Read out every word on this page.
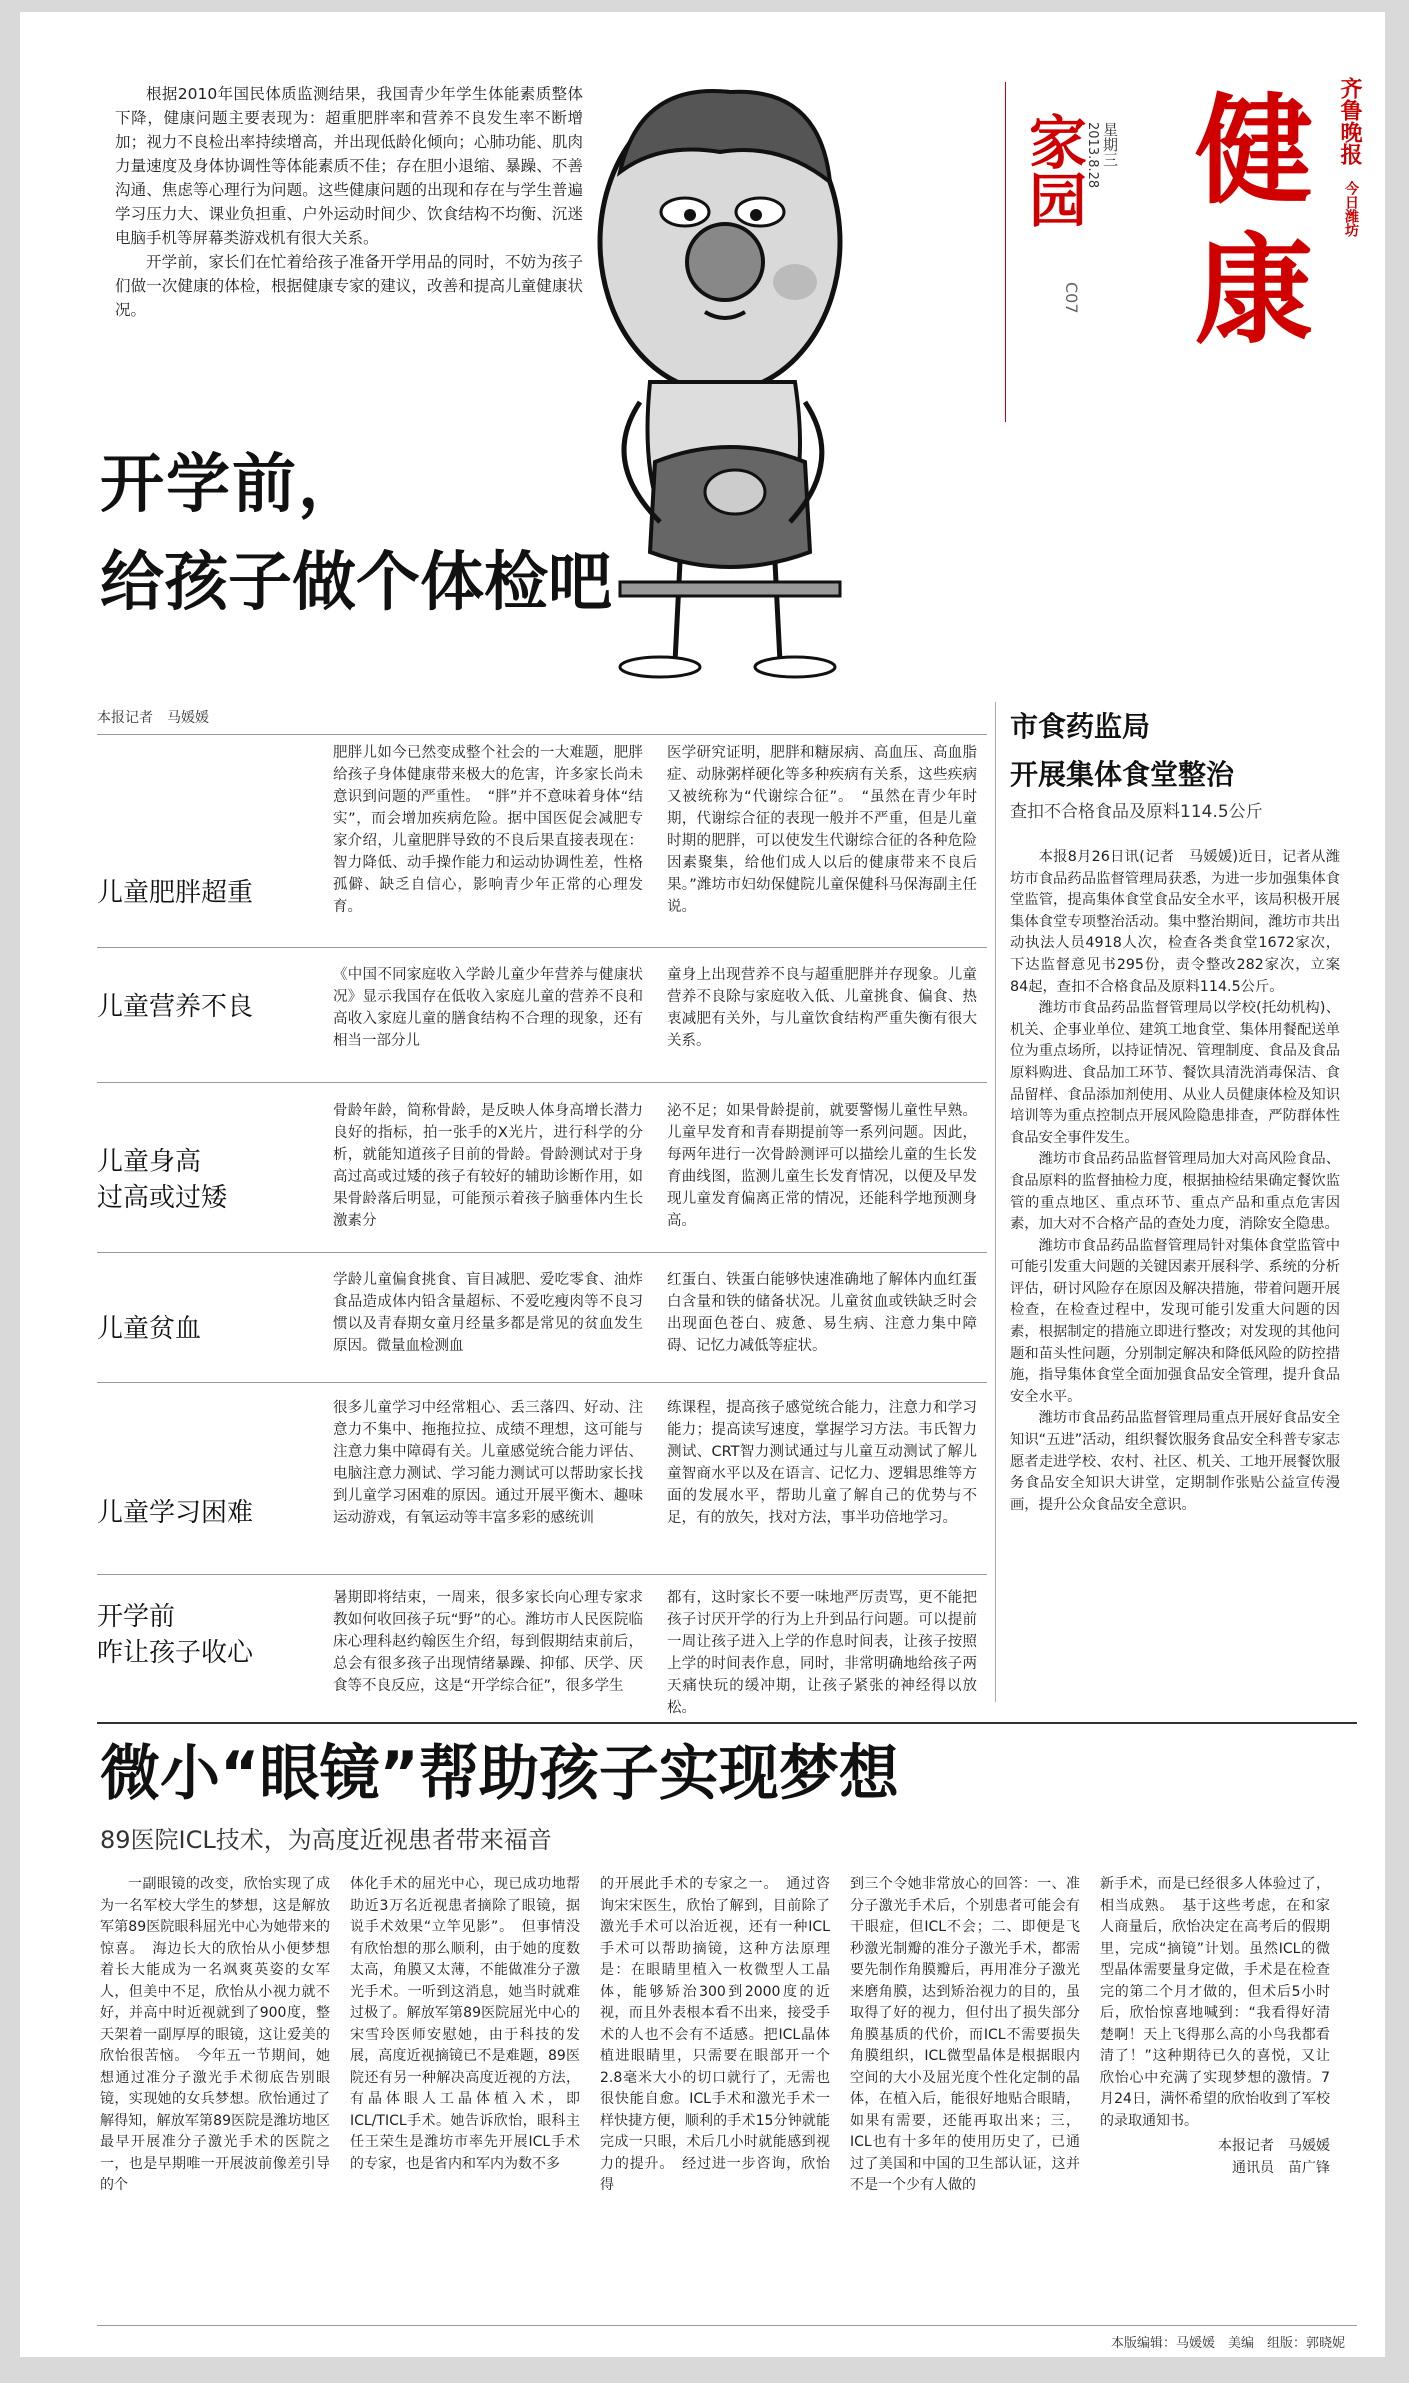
根据2010年国民体质监测结果，我国青少年学生体能素质整体下降，健康问题主要表现为：超重肥胖率和营养不良发生率不断增加；视力不良检出率持续增高，并出现低龄化倾向；心肺功能、肌肉力量速度及身体协调性等体能素质不佳；存在胆小退缩、暴躁、不善沟通、焦虑等心理行为问题。这些健康问题的出现和存在与学生普遍学习压力大、课业负担重、户外运动时间少、饮食结构不均衡、沉迷电脑手机等屏幕类游戏机有很大关系。

开学前，家长们在忙着给孩子准备开学用品的同时，不妨为孩子们做一次健康的体检，根据健康专家的建议，改善和提高儿童健康状况。

齐鲁晚报
今日潍坊
健
康
家园 星期三
2013.8.28
C07
开学前，
给孩子做个体检吧
本报记者　马媛媛
儿童肥胖超重
肥胖儿如今已然变成整个社会的一大难题，肥胖给孩子身体健康带来极大的危害，许多家长尚未意识到问题的严重性。　“胖”并不意味着身体“结实”，而会增加疾病危险。据中国医促会减肥专家介绍，儿童肥胖导致的不良后果直接表现在：智力降低、动手操作能力和运动协调性差，性格孤僻、缺乏自信心，影响青少年正常的心理发育。
医学研究证明，肥胖和糖尿病、高血压、高血脂症、动脉粥样硬化等多种疾病有关系，这些疾病又被统称为“代谢综合征”。　“虽然在青少年时期，代谢综合征的表现一般并不严重，但是儿童时期的肥胖，可以使发生代谢综合征的各种危险因素聚集，给他们成人以后的健康带来不良后果。”潍坊市妇幼保健院儿童保健科马保海副主任说。
儿童营养不良
《中国不同家庭收入学龄儿童少年营养与健康状况》显示我国存在低收入家庭儿童的营养不良和高收入家庭儿童的膳食结构不合理的现象，还有相当一部分儿
童身上出现营养不良与超重肥胖并存现象。儿童营养不良除与家庭收入低、儿童挑食、偏食、热衷减肥有关外，与儿童饮食结构严重失衡有很大关系。
儿童身高
过高或过矮
骨龄年龄，简称骨龄，是反映人体身高增长潜力良好的指标，拍一张手的X光片，进行科学的分析，就能知道孩子目前的骨龄。骨龄测试对于身高过高或过矮的孩子有较好的辅助诊断作用，如果骨龄落后明显，可能预示着孩子脑垂体内生长激素分
泌不足；如果骨龄提前，就要警惕儿童性早熟。儿童早发育和青春期提前等一系列问题。因此，每两年进行一次骨龄测评可以描绘儿童的生长发育曲线图，监测儿童生长发育情况，以便及早发现儿童发育偏离正常的情况，还能科学地预测身高。
儿童贫血
学龄儿童偏食挑食、盲目减肥、爱吃零食、油炸食品造成体内铅含量超标、不爱吃瘦肉等不良习惯以及青春期女童月经量多都是常见的贫血发生原因。微量血检测血
红蛋白、铁蛋白能够快速准确地了解体内血红蛋白含量和铁的储备状况。儿童贫血或铁缺乏时会出现面色苍白、疲惫、易生病、注意力集中障碍、记忆力减低等症状。
儿童学习困难
很多儿童学习中经常粗心、丢三落四、好动、注意力不集中、拖拖拉拉、成绩不理想，这可能与注意力集中障碍有关。儿童感觉统合能力评估、电脑注意力测试、学习能力测试可以帮助家长找到儿童学习困难的原因。通过开展平衡木、趣味运动游戏，有氧运动等丰富多彩的感统训
练课程，提高孩子感觉统合能力，注意力和学习能力；提高读写速度，掌握学习方法。韦氏智力测试、CRT智力测试通过与儿童互动测试了解儿童智商水平以及在语言、记忆力、逻辑思维等方面的发展水平，帮助儿童了解自己的优势与不足，有的放矢，找对方法，事半功倍地学习。
开学前
咋让孩子收心
暑期即将结束，一周来，很多家长向心理专家求教如何收回孩子玩“野”的心。潍坊市人民医院临床心理科赵约翰医生介绍，每到假期结束前后，总会有很多孩子出现情绪暴躁、抑郁、厌学、厌食等不良反应，这是“开学综合征”，很多学生
都有，这时家长不要一味地严厉责骂，更不能把孩子讨厌开学的行为上升到品行问题。可以提前一周让孩子进入上学的作息时间表，让孩子按照上学的时间表作息，同时，非常明确地给孩子两天痛快玩的缓冲期，让孩子紧张的神经得以放松。
市食药监局
开展集体食堂整治
查扣不合格食品及原料114.5公斤

本报8月26日讯(记者　马媛媛)近日，记者从潍坊市食品药品监督管理局获悉，为进一步加强集体食堂监管，提高集体食堂食品安全水平，该局积极开展集体食堂专项整治活动。集中整治期间，潍坊市共出动执法人员4918人次，检查各类食堂1672家次，下达监督意见书295份，责令整改282家次，立案84起，查扣不合格食品及原料114.5公斤。

潍坊市食品药品监督管理局以学校(托幼机构)、机关、企事业单位、建筑工地食堂、集体用餐配送单位为重点场所，以持证情况、管理制度、食品及食品原料购进、食品加工环节、餐饮具清洗消毒保洁、食品留样、食品添加剂使用、从业人员健康体检及知识培训等为重点控制点开展风险隐患排查，严防群体性食品安全事件发生。

潍坊市食品药品监督管理局加大对高风险食品、食品原料的监督抽检力度，根据抽检结果确定餐饮监管的重点地区、重点环节、重点产品和重点危害因素，加大对不合格产品的查处力度，消除安全隐患。

潍坊市食品药品监督管理局针对集体食堂监管中可能引发重大问题的关键因素开展科学、系统的分析评估，研讨风险存在原因及解决措施，带着问题开展检查，在检查过程中，发现可能引发重大问题的因素，根据制定的措施立即进行整改；对发现的其他问题和苗头性问题，分别制定解决和降低风险的防控措施，指导集体食堂全面加强食品安全管理，提升食品安全水平。

潍坊市食品药品监督管理局重点开展好食品安全知识“五进”活动，组织餐饮服务食品安全科普专家志愿者走进学校、农村、社区、机关、工地开展餐饮服务食品安全知识大讲堂，定期制作张贴公益宣传漫画，提升公众食品安全意识。

微小“眼镜”帮助孩子实现梦想
89医院ICL技术，为高度近视患者带来福音
一副眼镜的改变，欣怡实现了成为一名军校大学生的梦想，这是解放军第89医院眼科屈光中心为她带来的惊喜。　海边长大的欣怡从小便梦想着长大能成为一名飒爽英姿的女军人，但美中不足，欣怡从小视力就不好，并高中时近视就到了900度，整天架着一副厚厚的眼镜，这让爱美的欣怡很苦恼。　今年五一节期间，她想通过准分子激光手术彻底告别眼镜，实现她的女兵梦想。欣怡通过了解得知，解放军第89医院是潍坊地区最早开展准分子激光手术的医院之一，也是早期唯一开展波前像差引导的个
体化手术的屈光中心，现已成功地帮助近3万名近视患者摘除了眼镜，据说手术效果“立竿见影”。　但事情没有欣怡想的那么顺利，由于她的度数太高，角膜又太薄，不能做准分子激光手术。一听到这消息，她当时就难过极了。解放军第89医院屈光中心的宋雪玲医师安慰她，由于科技的发展，高度近视摘镜已不是难题，89医院还有另一种解决高度近视的方法，有晶体眼人工晶体植入术，即ICL/TICL手术。她告诉欣怡，眼科主任王荣生是潍坊市率先开展ICL手术的专家，也是省内和军内为数不多
的开展此手术的专家之一。　通过咨询宋宋医生，欣怡了解到，目前除了激光手术可以治近视，还有一种ICL手术可以帮助摘镜，这种方法原理是：在眼睛里植入一枚微型人工晶体，能够矫治300到2000度的近视，而且外表根本看不出来，接受手术的人也不会有不适感。把ICL晶体植进眼睛里，只需要在眼部开一个2.8毫米大小的切口就行了，无需也很快能自愈。ICL手术和激光手术一样快捷方便，顺利的手术15分钟就能完成一只眼，术后几小时就能感到视力的提升。　经过进一步咨询，欣怡得
到三个令她非常放心的回答：一、准分子激光手术后，个别患者可能会有干眼症，但ICL不会；二、即便是飞秒激光制瓣的准分子激光手术，都需要先制作角膜瓣后，再用准分子激光来磨角膜，达到矫治视力的目的，虽取得了好的视力，但付出了损失部分角膜基质的代价，而ICL不需要损失角膜组织，ICL微型晶体是根据眼内空间的大小及屈光度个性化定制的晶体，在植入后，能很好地贴合眼睛，如果有需要，还能再取出来；三，ICL也有十多年的使用历史了，已通过了美国和中国的卫生部认证，这并不是一个少有人做的

新手术，而是已经很多人体验过了，相当成熟。　基于这些考虑，在和家人商量后，欣怡决定在高考后的假期里，完成“摘镜”计划。虽然ICL的微型晶体需要量身定做，手术是在检查完的第二个月才做的，但术后5小时后，欣怡惊喜地喊到：“我看得好清楚啊！天上飞得那么高的小鸟我都看清了！”这种期待已久的喜悦，又让欣怡心中充满了实现梦想的激情。7月24日，满怀希望的欣怡收到了军校的录取通知书。

本报记者　马媛媛

通讯员　苗广锋

本版编辑：马媛媛　美编　组版：郭晓妮
